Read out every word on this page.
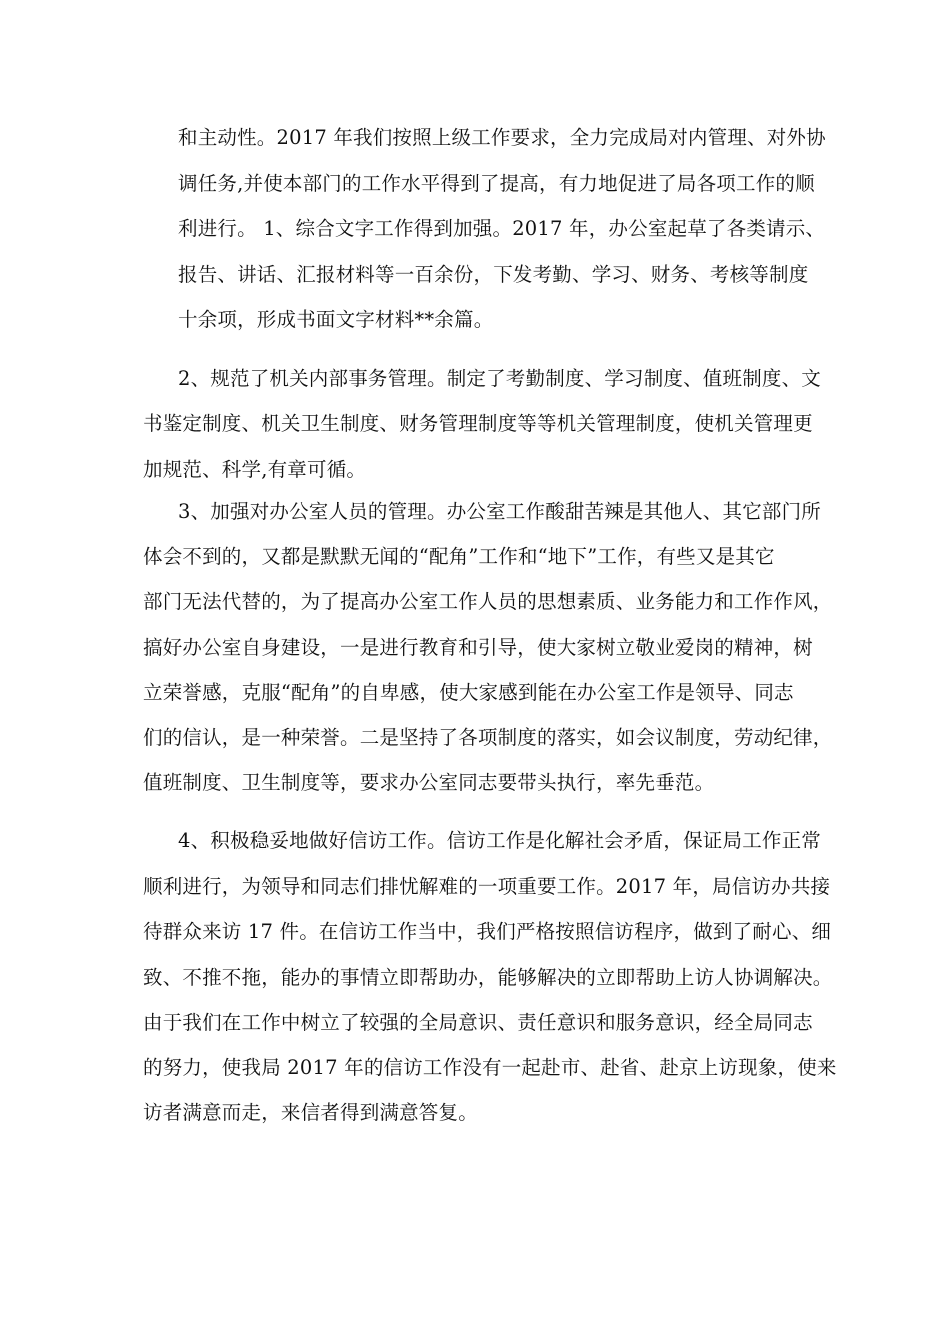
和主动性。2017 年我们按照上级工作要求，全力完成局对内管理、对外协

调任务,并使本部门的工作水平得到了提高，有力地促进了局各项工作的顺

利进行。 1、综合文字工作得到加强。2017 年，办公室起草了各类请示、

报告、讲话、汇报材料等一百余份，下发考勤、学习、财务、考核等制度

十余项，形成书面文字材料**余篇。

2、规范了机关内部事务管理。制定了考勤制度、学习制度、值班制度、文

书鉴定制度、机关卫生制度、财务管理制度等等机关管理制度，使机关管理更

加规范、科学,有章可循。

3、加强对办公室人员的管理。办公室工作酸甜苦辣是其他人、其它部门所

体会不到的，又都是默默无闻的“配角”工作和“地下”工作，有些又是其它

部门无法代替的，为了提高办公室工作人员的思想素质、业务能力和工作作风，

搞好办公室自身建设，一是进行教育和引导，使大家树立敬业爱岗的精神，树

立荣誉感，克服“配角”的自卑感，使大家感到能在办公室工作是领导、同志

们的信认，是一种荣誉。二是坚持了各项制度的落实，如会议制度，劳动纪律，

值班制度、卫生制度等，要求办公室同志要带头执行，率先垂范。

4、积极稳妥地做好信访工作。信访工作是化解社会矛盾，保证局工作正常

顺利进行，为领导和同志们排忧解难的一项重要工作。2017 年，局信访办共接

待群众来访 17 件。在信访工作当中，我们严格按照信访程序，做到了耐心、细

致、不推不拖，能办的事情立即帮助办，能够解决的立即帮助上访人协调解决。

由于我们在工作中树立了较强的全局意识、责任意识和服务意识，经全局同志

的努力，使我局 2017 年的信访工作没有一起赴市、赴省、赴京上访现象，使来

访者满意而走，来信者得到满意答复。
